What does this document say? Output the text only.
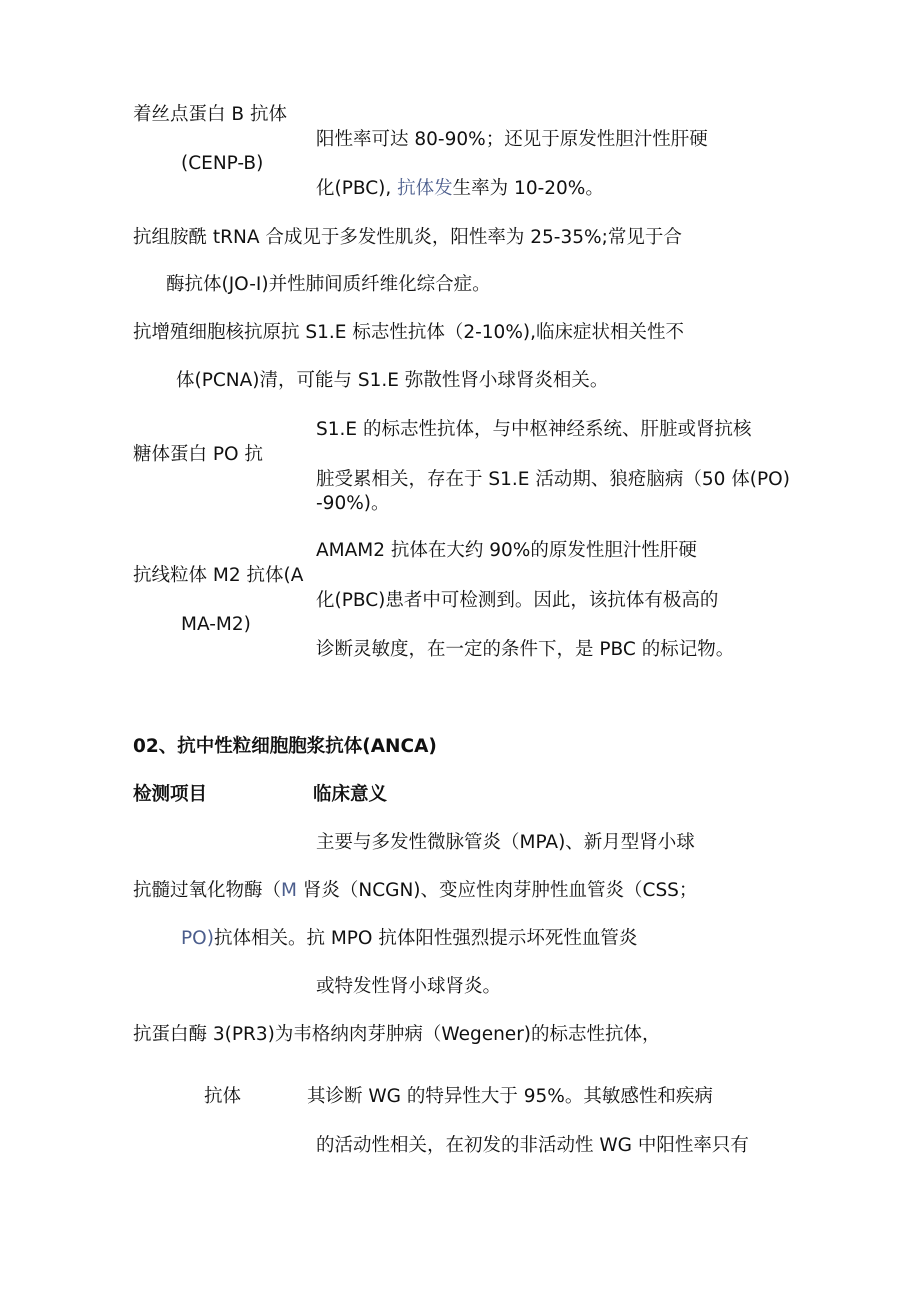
着丝点蛋白 B 抗体

阳性率可达 80-90%；还见于原发性胆汁性肝硬

(CENP-B)

化(PBC), 抗体发生率为 10-20%。

抗组胺酰 tRNA 合成见于多发性肌炎，阳性率为 25-35%;常见于合

酶抗体(JO-I)并性肺间质纤维化综合症。

抗增殖细胞核抗原抗 S1.E 标志性抗体（2-10%),临床症状相关性不

体(PCNA)清，可能与 S1.E 弥散性肾小球肾炎相关。

S1.E 的标志性抗体，与中枢神经系统、肝脏或肾抗核

糖体蛋白 PO 抗

脏受累相关，存在于 S1.E 活动期、狼疮脑病（50 体(PO)

-90%)。

AMAM2 抗体在大约 90%的原发性胆汁性肝硬

抗线粒体 M2 抗体(A

化(PBC)患者中可检测到。因此，该抗体有极高的

MA-M2)

诊断灵敏度，在一定的条件下，是 PBC 的标记物。

02、抗中性粒细胞胞浆抗体(ANCA)

检测项目	临床意义

主要与多发性微脉管炎（MPA)、新月型肾小球

抗髓过氧化物酶（M 肾炎（NCGN)、变应性肉芽肿性血管炎（CSS；

PO)抗体相关。抗 MPO 抗体阳性强烈提示坏死性血管炎

或特发性肾小球肾炎。

抗蛋白酶 3(PR3)为韦格纳肉芽肿病（Wegener)的标志性抗体，

抗体	其诊断 WG 的特异性大于 95%。其敏感性和疾病

的活动性相关，在初发的非活动性 WG 中阳性率只有
